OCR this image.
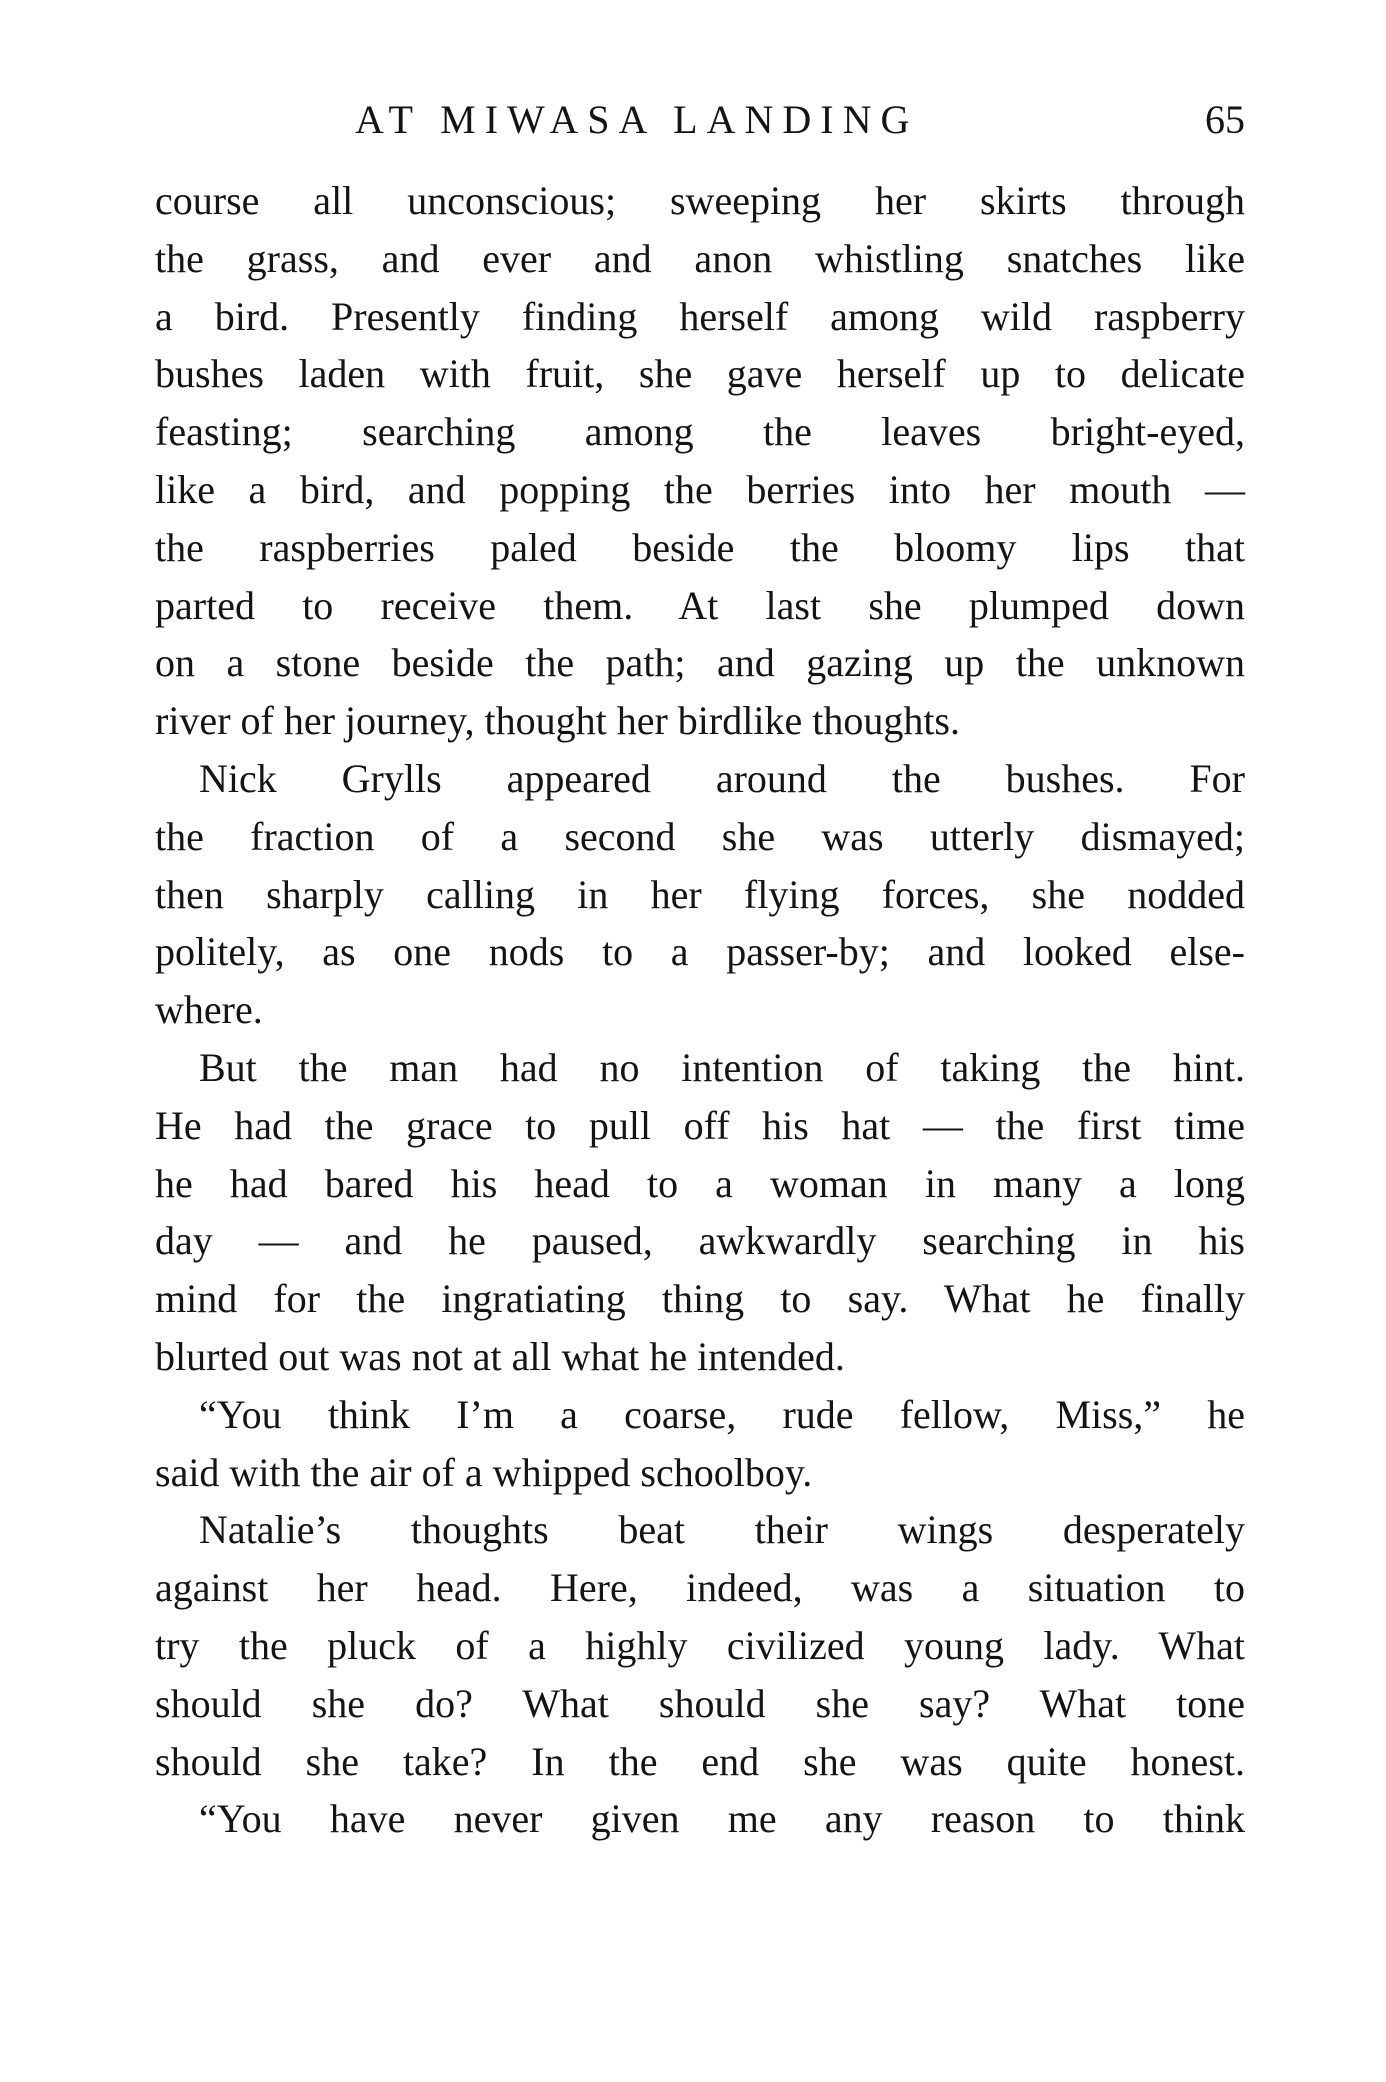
AT MIWASA LANDING	65
course all unconscious; sweeping her skirts through
the grass, and ever and anon whistling snatches like
a bird. Presently finding herself among wild raspberry
bushes laden with fruit, she gave herself up to delicate
feasting; searching among the leaves bright-eyed,
like a bird, and popping the berries into her mouth —
the raspberries paled beside the bloomy lips that
parted to receive them. At last she plumped down
on a stone beside the path; and gazing up the unknown
river of her journey, thought her birdlike thoughts.
Nick Grylls appeared around the bushes. For
the fraction of a second she was utterly dismayed;
then sharply calling in her flying forces, she nodded
politely, as one nods to a passer-by; and looked else-
where.
But the man had no intention of taking the hint.
He had the grace to pull off his hat — the first time
he had bared his head to a woman in many a long
day — and he paused, awkwardly searching in his
mind for the ingratiating thing to say. What he finally
blurted out was not at all what he intended.
“You think I’m a coarse, rude fellow, Miss,” he
said with the air of a whipped schoolboy.
Natalie’s thoughts beat their wings desperately
against her head. Here, indeed, was a situation to
try the pluck of a highly civilized young lady. What
should she do? What should she say? What tone
should she take? In the end she was quite honest.
“You have never given me any reason to think
